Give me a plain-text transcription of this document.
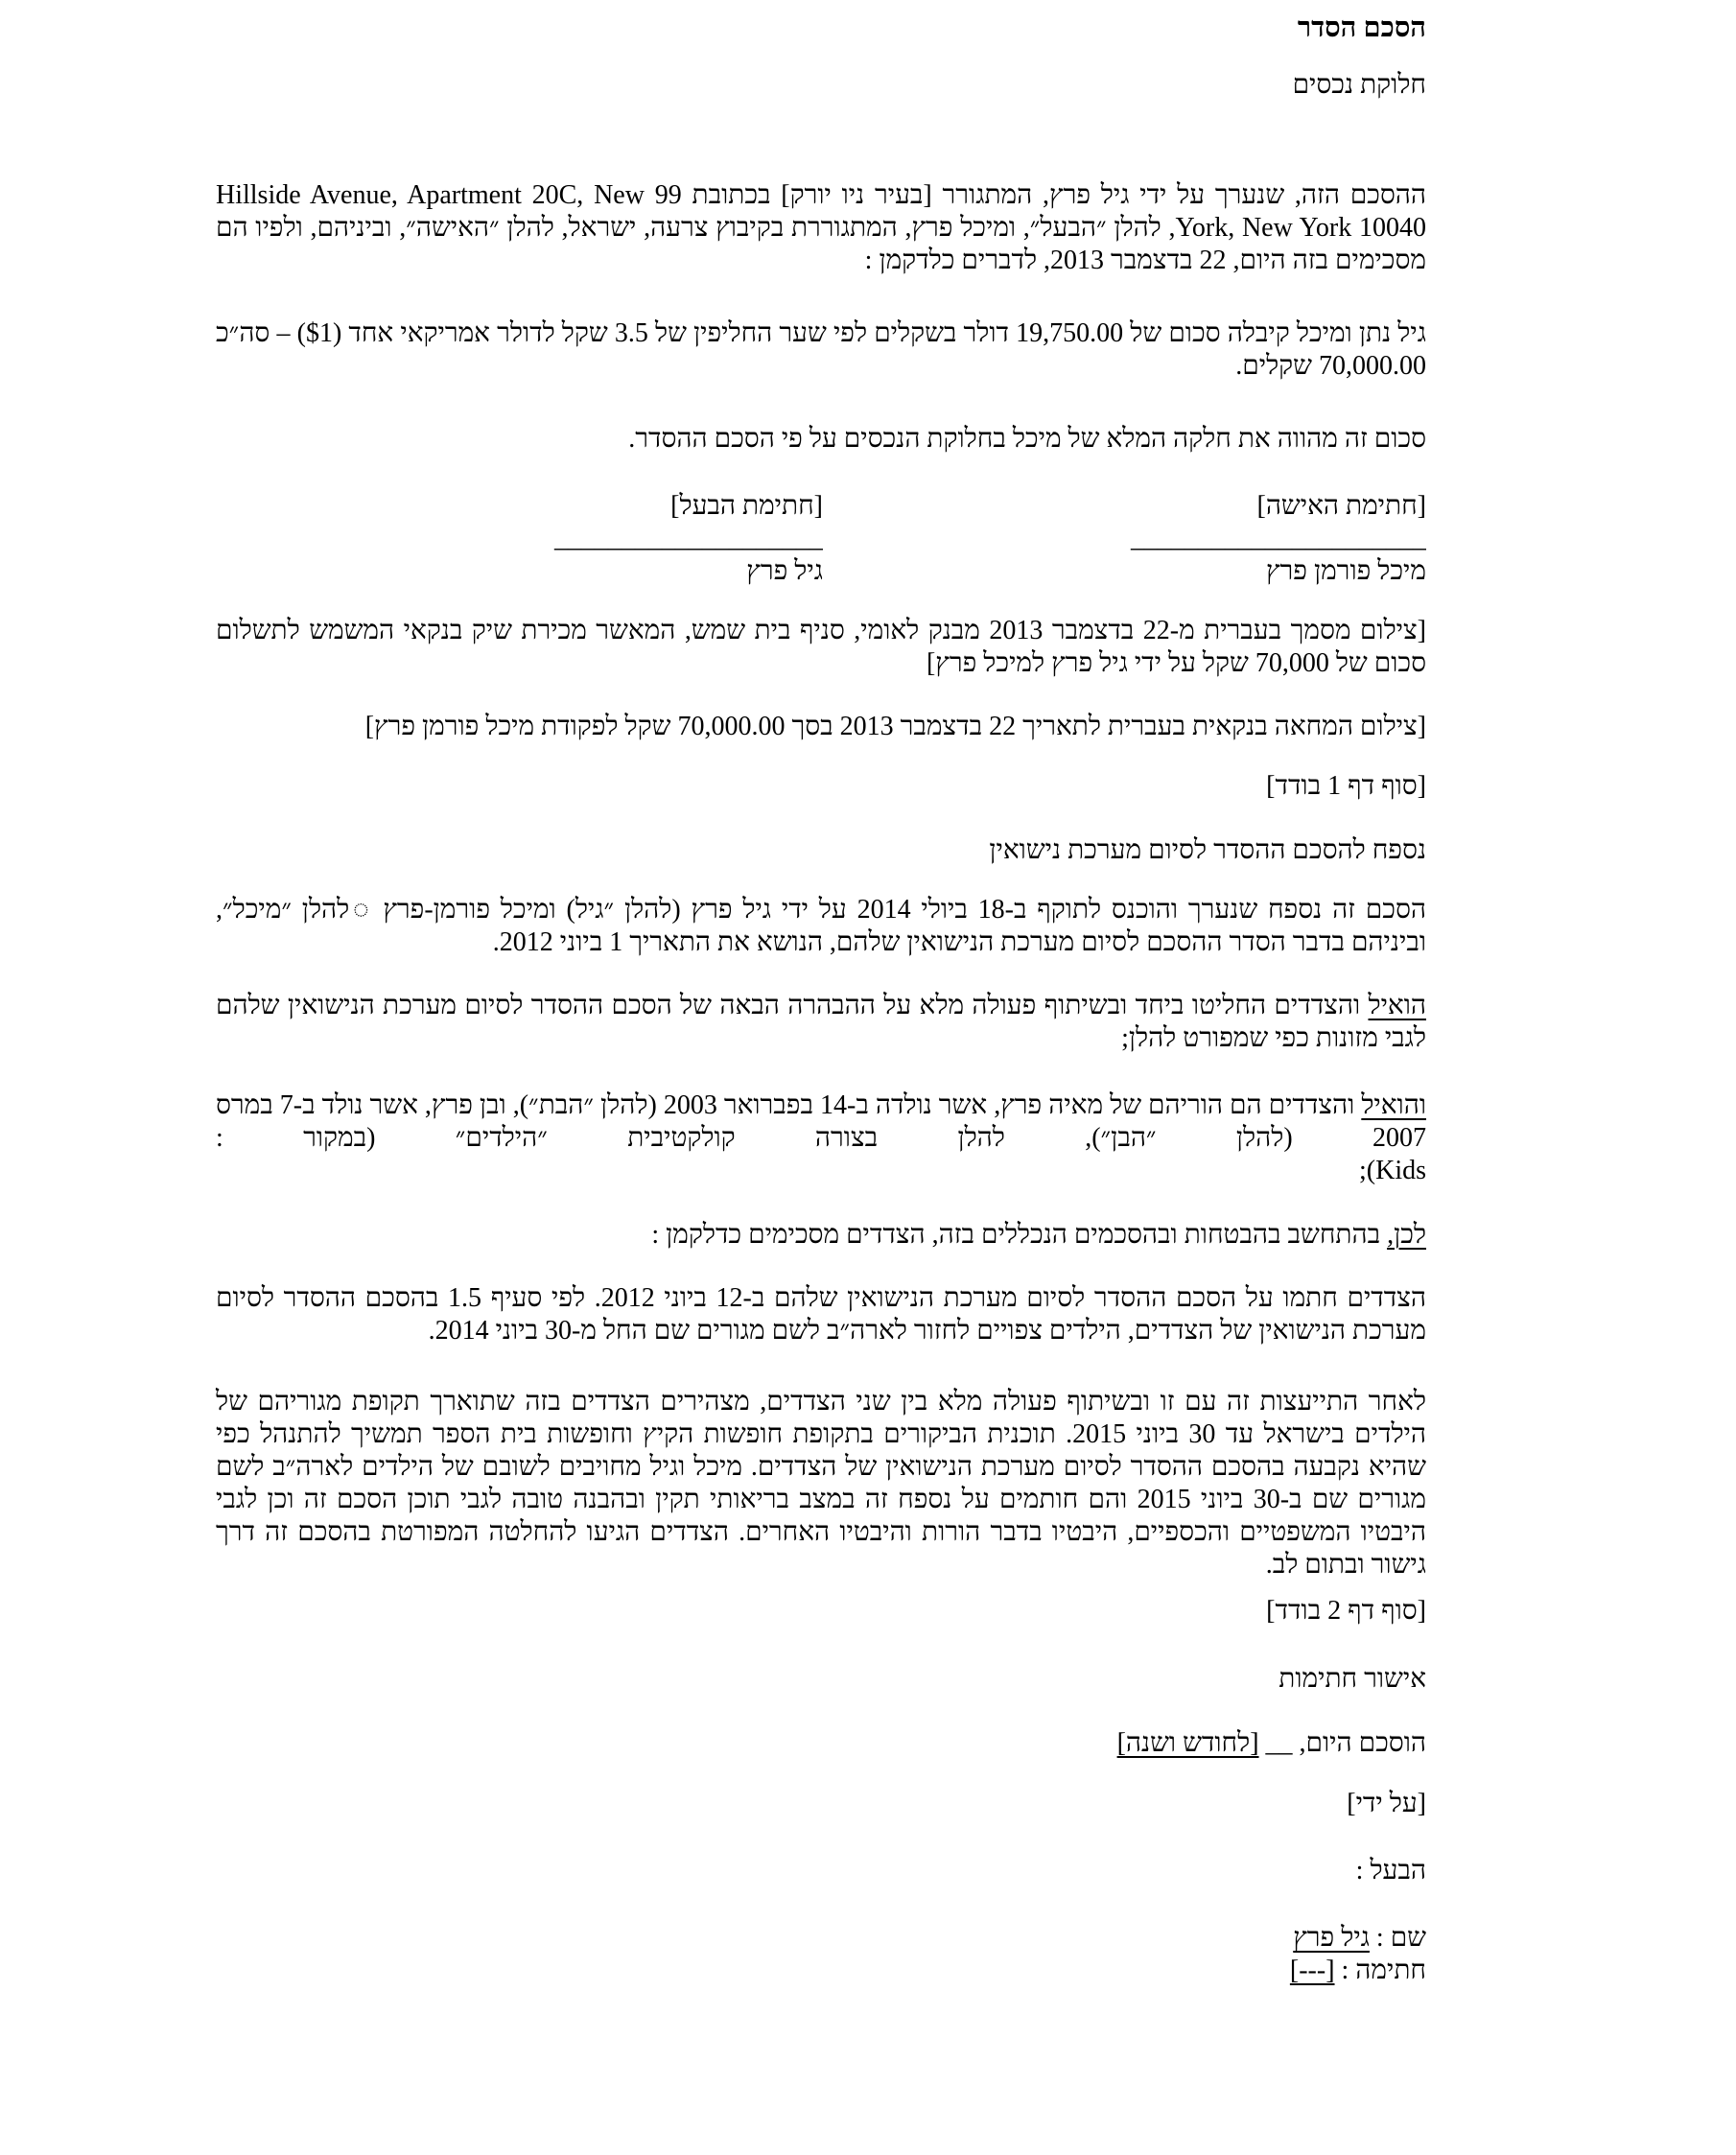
הסכם הסדר

חלוקת נכסים

ההסכם הזה, שנערך על ידי גיל פרץ, המתגורר [בעיר ניו יורק] בכתובת 99 Hillside Avenue, Apartment 20C, New York, New York 10040, להלן ״הבעל״, ומיכל פרץ, המתגוררת בקיבוץ צרעה, ישראל, להלן ״האישה״, וביניהם, ולפיו הם מסכימים בזה היום, 22 בדצמבר 2013, לדברים כלדקמן :

גיל נתן ומיכל קיבלה סכום של 19,750.00 דולר בשקלים לפי שער החליפין של 3.5 שקל לדולר אמריקאי אחד ($1) – סה״כ 70,000.00 שקלים.

סכום זה מהווה את חלקה המלא של מיכל בחלוקת הנכסים על פי הסכם ההסדר.

[חתימת האישה]
______________________
מיכל פורמן פרץ
[חתימת הבעל]
____________________
גיל פרץ

[צילום מסמך בעברית מ-22 בדצמבר 2013 מבנק לאומי, סניף בית שמש, המאשר מכירת שיק בנקאי המשמש לתשלום סכום של 70,000 שקל על ידי גיל פרץ למיכל פרץ]

[צילום המחאה בנקאית בעברית לתאריך 22 בדצמבר 2013 בסך 70,000.00 שקל לפקודת מיכל פורמן פרץ]

[סוף דף 1 בודד]

נספח להסכם ההסדר לסיום מערכת נישואין

הסכם זה נספח שנערך והוכנס לתוקף ב-18 ביולי 2014 על ידי גיל פרץ (להלן ״גיל) ומיכל פורמן-פרץ ◌להלן ״מיכל״, וביניהם בדבר הסדר ההסכם לסיום מערכת הנישואין שלהם, הנושא את התאריך 1 ביוני 2012.

הואיל והצדדים החליטו ביחד ובשיתוף פעולה מלא על ההבהרה הבאה של הסכם ההסדר לסיום מערכת הנישואין שלהם לגבי מזונות כפי שמפורט להלן;

והואיל והצדדים הם הוריהם של מאיה פרץ, אשר נולדה ב-14 בפברואר 2003 (להלן ״הבת״), ובן פרץ, אשר נולד ב-7 במרס 2007 (להלן ״הבן״), להלן בצורה קולקטיבית ״הילדים״ (במקור :

Kids);

לכן, בהתחשב בהבטחות ובהסכמים הנכללים בזה, הצדדים מסכימים כדלקמן :

הצדדים חתמו על הסכם ההסדר לסיום מערכת הנישואין שלהם ב-12 ביוני 2012. לפי סעיף 1.5 בהסכם ההסדר לסיום מערכת הנישואין של הצדדים, הילדים צפויים לחזור לארה״ב לשם מגורים שם החל מ-30 ביוני 2014.

לאחר התייעצות זה עם זו ובשיתוף פעולה מלא בין שני הצדדים, מצהירים הצדדים בזה שתוארך תקופת מגוריהם של הילדים בישראל עד 30 ביוני 2015. תוכנית הביקורים בתקופת חופשות הקיץ וחופשות בית הספר תמשיך להתנהל כפי שהיא נקבעה בהסכם ההסדר לסיום מערכת הנישואין של הצדדים. מיכל וגיל מחויבים לשובם של הילדים לארה״ב לשם מגורים שם ב-30 ביוני 2015 והם חותמים על נספח זה במצב בריאותי תקין ובהבנה טובה לגבי תוכן הסכם זה וכן לגבי היבטיו המשפטיים והכספיים, היבטיו בדבר הורות והיבטיו האחרים. הצדדים הגיעו להחלטה המפורטת בהסכם זה דרך גישור ובתום לב.

[סוף דף 2 בודד]

אישור חתימות

הוסכם היום, __ [לחודש ושנה]

[על ידי]

הבעל :

שם : גיל פרץ

חתימה : [---]
